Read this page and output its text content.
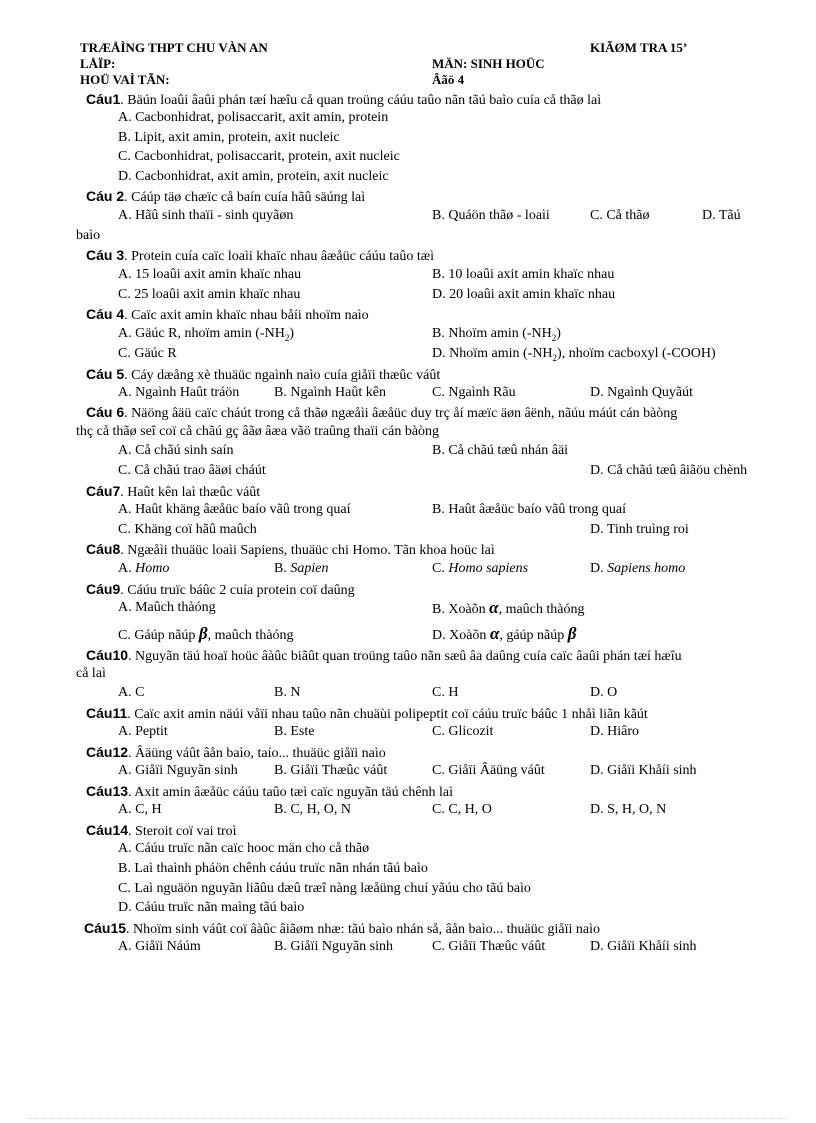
TRÆÅÌNG THPT CHU VÀN AN	KIÃØM TRA 15’
LÅÏP:	MÄN: SINH HOÜC
HOÜ VAÌ TÃN:	Âãö 4
Cáu1. Bäún loaûi âaûi phán tæí hæîu cå quan troüng cáúu taûo nãn tãú baìo cuía cå thãø laì
A. Cacbonhidrat, polisaccarit, axit amin, protein
B. Lipit, axit amin, protein, axit nucleic
C. Cacbonhidrat, polisaccarit, protein, axit nucleic
D. Cacbonhidrat, axit amin, protein, axit nucleic
Cáu 2. Cáúp täø chæïc cå baín cuía hãû säúng laì
A. Hãû sinh thaïi - sinh quyãøn	B. Quáön thãø - loaìi	C. Cå thãø	D. Tãú
baìo
Cáu 3. Protein cuía caïc loaìi khaïc nhau âæåüc cáúu taûo tæì
A. 15 loaûi axit amin khaïc nhau	B. 10 loaûi axit amin khaïc nhau
C. 25 loaûi axit amin khaïc nhau	D. 20 loaûi axit amin khaïc nhau
Cáu 4. Caïc axit amin khaïc nhau båíi nhoïm naìo
A. Gäúc R, nhoïm amin $(-NH_2)$	B. Nhoïm amin $(-NH_2)$
C. Gäúc R	D. Nhoïm amin $(-NH_2)$, nhoïm cacboxyl (-COOH)
Cáu 5. Cáy dæång xè thuäüc ngaình naìo cuía giåïi thæûc váût
A. Ngaình Haût tráön B. Ngaình Haût kên	C. Ngaình Rãu	D. Ngaình Quyãút
Cáu 6. Näöng âäü caïc cháút trong cå thãø ngæåìi âæåüc duy trç åí mæïc äøn âënh, nãúu máút cán bàòng
thç cå thãø seî coï cå chãú gç âãø âæa vãö traûng thaïi cán bàòng
A. Cå chãú sinh saín	B. Cå chãú tæû nhán âäi
C. Cå chãú trao âäøi cháút	D. Cå chãú tæû âiãöu chènh
Cáu7. Haût kên laì thæûc váût
A. Haût khäng âæåüc baío vãû trong quaí	B. Haût âæåüc baío vãû trong quaí
C. Khäng coï hãû maûch	D. Tinh truìng roi
Cáu8. Ngæåìi thuäüc loaìi Sapiens, thuäüc chi Homo. Tãn khoa hoüc laì
A. Homo	B. Sapien	C. Homo sapiens	D. Sapiens homo
Cáu9. Cáúu truïc báûc 2 cuía protein coï daûng
A. Maûch thàóng	B. Xoàõn α, maûch thàóng
C. Gáúp nãúp β, maûch thàóng	D. Xoàõn α, gáúp nãúp β
Cáu10. Nguyãn täú hoaï hoüc âàûc biãût quan troüng taûo nãn sæû âa daûng cuía caïc âaûi phán tæí hæîu
cå laì
A. C	B. N	C. H	D. O
Cáu11. Caïc axit amin näúi våïi nhau taûo nãn chuäùi polipeptit coï cáúu truïc báûc 1 nhåì liãn kãút
A. Peptit	B. Este	C. Glicozit	D. Hiâro
Cáu12. Âäüng váût âån baìo, taío... thuäüc giåïi naìo
A. Giåïi Nguyãn sinh	B. Giåïi Thæûc váût	C. Giåïi Âäüng váût	D. Giåïi Khåíi sinh
Cáu13. Axit amin âæåüc cáúu taûo tæì caïc nguyãn täú chênh laì
A. C, H	B. C, H, O, N	C. C, H, O	D. S, H, O, N
Cáu14. Steroit coï vai troì
A. Cáúu truïc nãn caïc hooc män cho cå thãø
B. Laì thaình pháön chênh cáúu truïc nãn nhán tãú baìo
C. Laì nguäön nguyãn liãûu dæû træî nàng læåüng chuí yãúu cho tãú baìo
D. Cáúu truïc nãn maìng tãú baìo
Cáu15. Nhoïm sinh váût coï âàûc âiãøm nhæ: tãú baìo nhán så, âån baìo... thuäüc giåïi naìo
A. Giåïi Náúm	B. Giåïi Nguyãn sinh	C. Giåïi Thæûc váût	D. Giåïi Khåíi sinh
